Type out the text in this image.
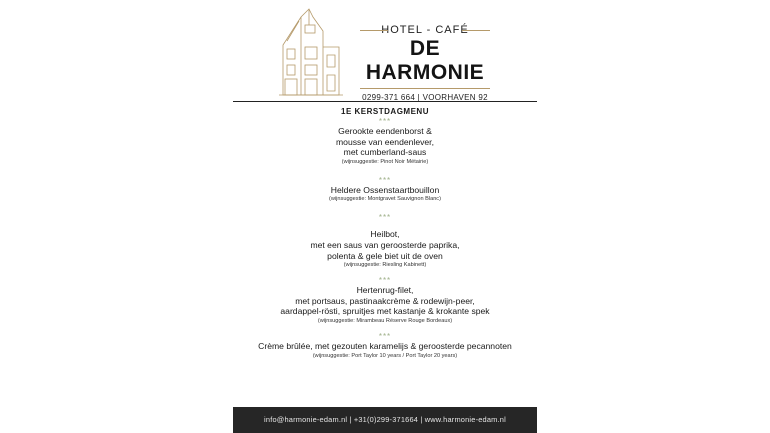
HOTEL - CAFÉ
DE HARMONIE
0299-371 664 | VOORHAVEN 92
1E KERSTDAGMENU
***
Gerookte eendenborst &
mousse van eendenlever,
met cumberland-saus
(wijnsuggestie: Pinot Noir Métairie)
***
Heldere Ossenstaartbouillon
(wijnsuggestie: Montgravet Sauvignon Blanc)
***
Heilbot,
met een saus van geroosterde paprika,
polenta & gele biet uit de oven
(wijnsuggestie: Riesling Kabinett)
***
Hertenrug-filet,
met portsaus, pastinaakcrème & rodewijn-peer,
aardappel-rösti, spruitjes met kastanje & krokante spek
(wijnsuggestie: Mirambeau Réserve Rouge Bordeaux)
***
Crème brûlée, met gezouten karamelijs & geroosterde pecannoten
(wijnsuggestie: Port Taylor 10 years / Port Taylor 20 years)
info@harmonie-edam.nl | +31(0)299-371664 | www.harmonie-edam.nl
